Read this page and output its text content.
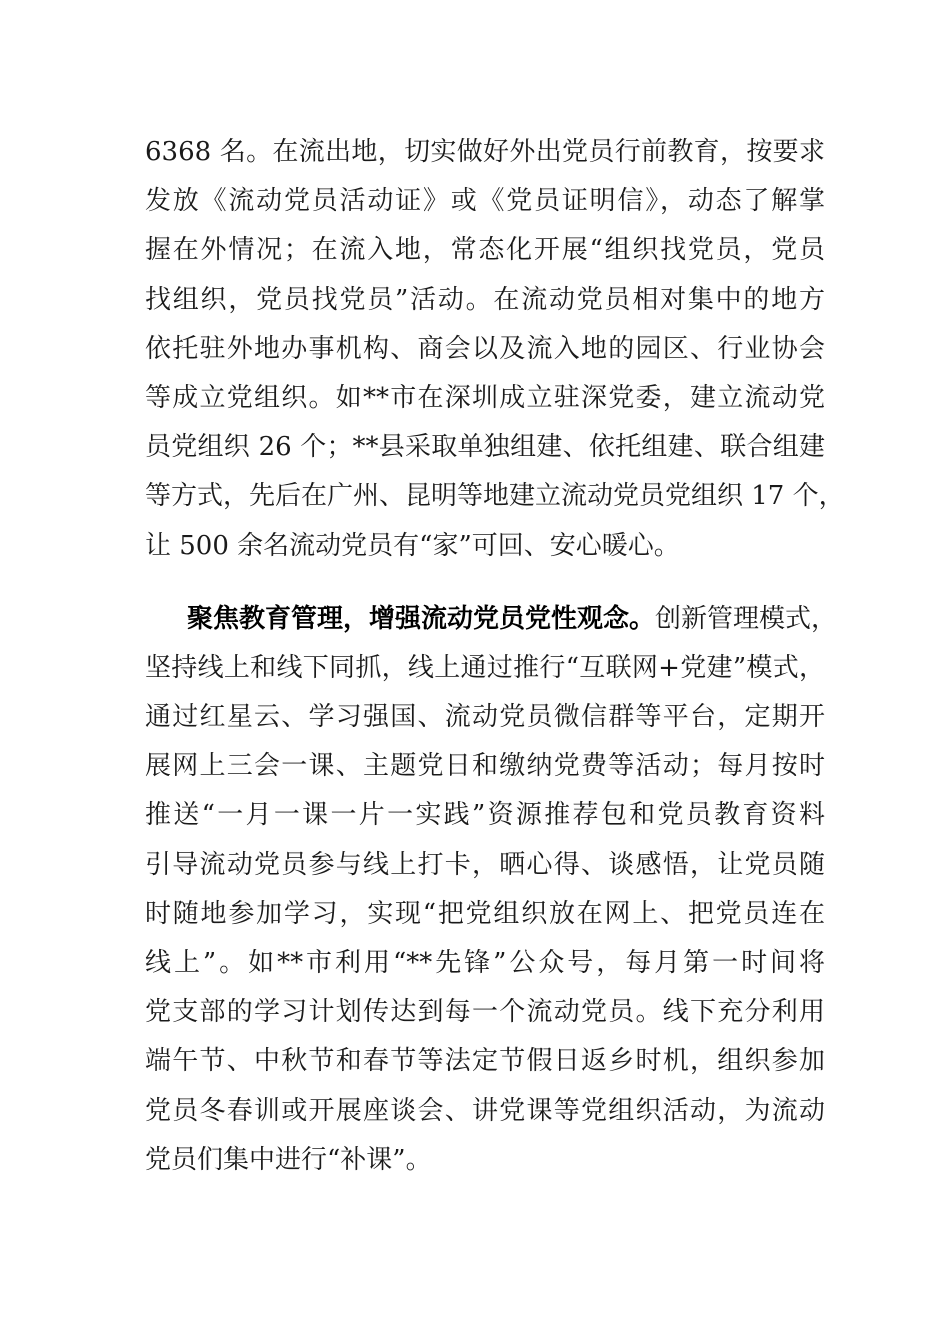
6368 名。在流出地，切实做好外出党员行前教育，按要求
发放《流动党员活动证》或《党员证明信》，动态了解掌
握在外情况；在流入地，常态化开展“组织找党员，党员
找组织，党员找党员”活动。在流动党员相对集中的地方
依托驻外地办事机构、商会以及流入地的园区、行业协会
等成立党组织。如**市在深圳成立驻深党委，建立流动党
员党组织 26 个；**县采取单独组建、依托组建、联合组建
等方式，先后在广州、昆明等地建立流动党员党组织 17 个，
让 500 余名流动党员有“家”可回、安心暖心。
聚焦教育管理，增强流动党员党性观念。创新管理模式，
坚持线上和线下同抓，线上通过推行“互联网+党建”模式，
通过红星云、学习强国、流动党员微信群等平台，定期开
展网上三会一课、主题党日和缴纳党费等活动；每月按时
推送“一月一课一片一实践”资源推荐包和党员教育资料
引导流动党员参与线上打卡，晒心得、谈感悟，让党员随
时随地参加学习，实现“把党组织放在网上、把党员连在
线上”。如**市利用“**先锋”公众号，每月第一时间将
党支部的学习计划传达到每一个流动党员。线下充分利用
端午节、中秋节和春节等法定节假日返乡时机，组织参加
党员冬春训或开展座谈会、讲党课等党组织活动，为流动
党员们集中进行“补课”。
